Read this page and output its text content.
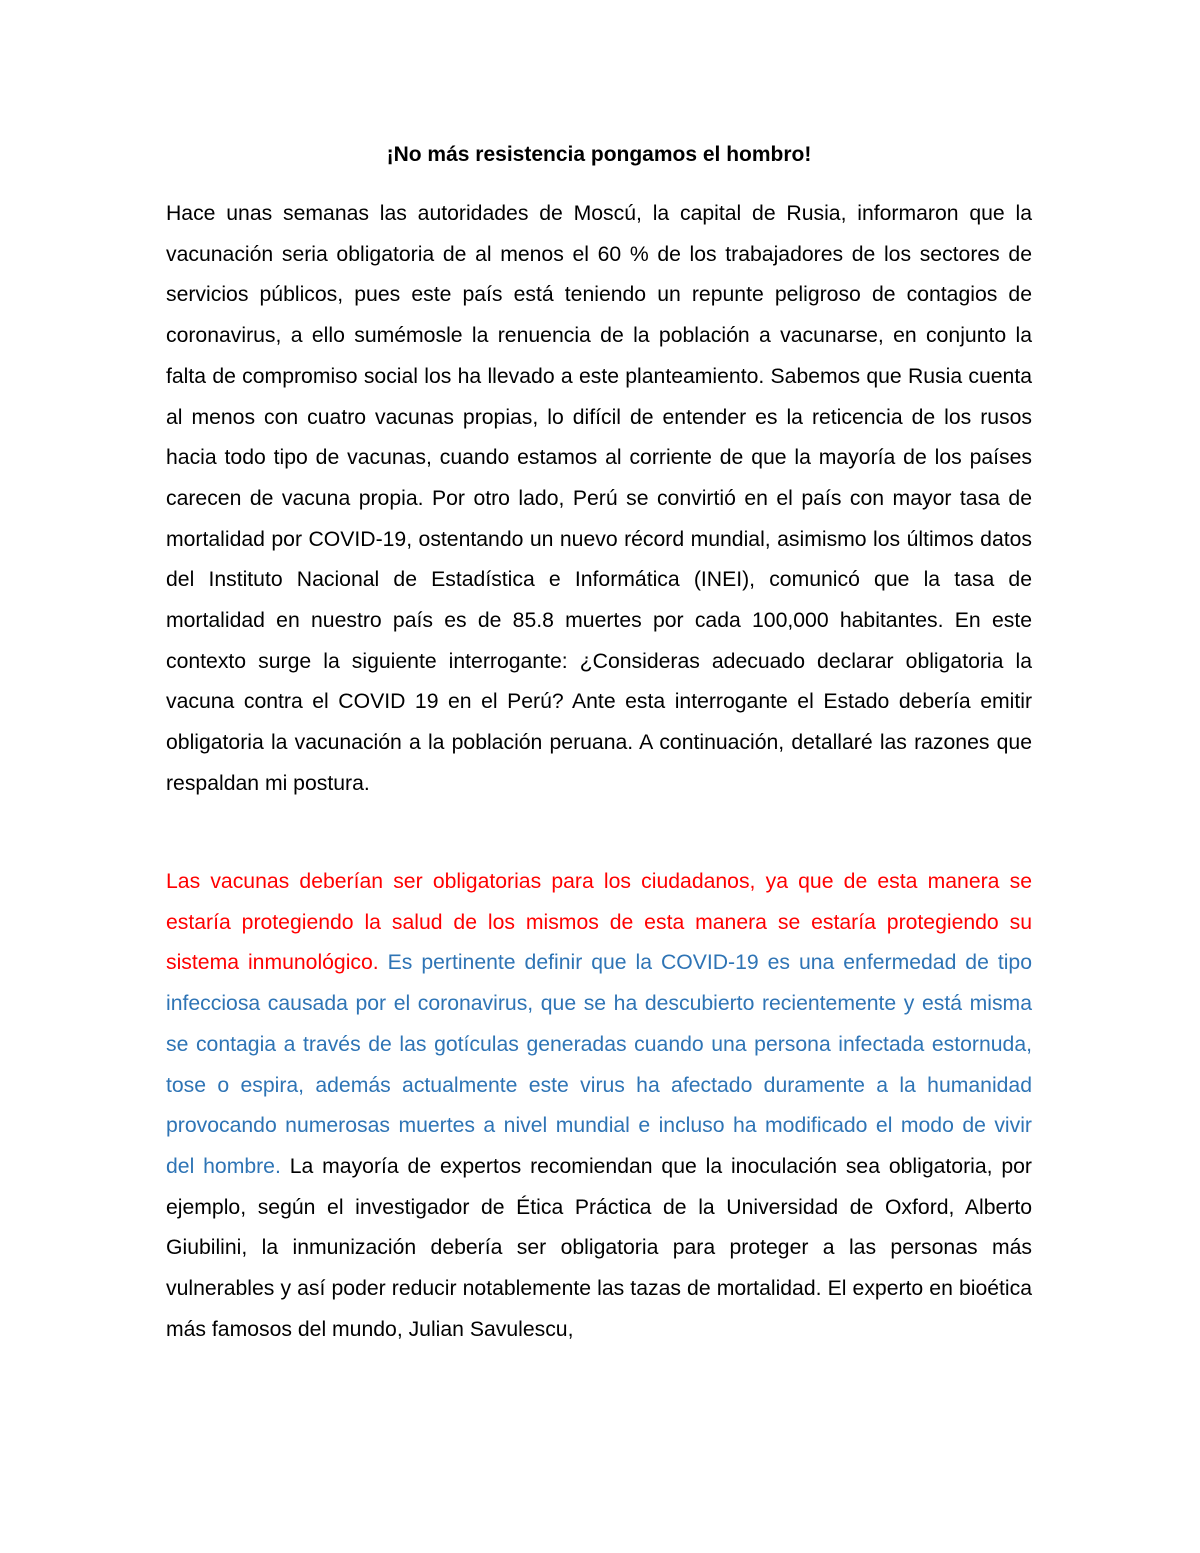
¡No más resistencia pongamos el hombro!

Hace unas semanas las autoridades de Moscú, la capital de Rusia, informaron que la vacunación seria obligatoria de al menos el 60 % de los trabajadores de los sectores de servicios públicos, pues este país está teniendo un repunte peligroso de contagios de coronavirus, a ello sumémosle la renuencia de la población a vacunarse, en conjunto la falta de compromiso social los ha llevado a este planteamiento. Sabemos que Rusia cuenta al menos con cuatro vacunas propias, lo difícil de entender es la reticencia de los rusos hacia todo tipo de vacunas, cuando estamos al corriente de que la mayoría de los países carecen de vacuna propia. Por otro lado, Perú se convirtió en el país con mayor tasa de mortalidad por COVID-19, ostentando un nuevo récord mundial, asimismo los últimos datos del Instituto Nacional de Estadística e Informática (INEI), comunicó que la tasa de mortalidad en nuestro país es de 85.8 muertes por cada 100,000 habitantes. En este contexto surge la siguiente interrogante: ¿Consideras adecuado declarar obligatoria la vacuna contra el COVID 19 en el Perú? Ante esta interrogante el Estado debería emitir obligatoria la vacunación a la población peruana. A continuación, detallaré las razones que respaldan mi postura.

Las vacunas deberían ser obligatorias para los ciudadanos, ya que de esta manera se estaría protegiendo la salud de los mismos de esta manera se estaría protegiendo su sistema inmunológico. Es pertinente definir que la COVID-19 es una enfermedad de tipo infecciosa causada por el coronavirus, que se ha descubierto recientemente y está misma se contagia a través de las gotículas generadas cuando una persona infectada estornuda, tose o espira, además actualmente este virus ha afectado duramente a la humanidad provocando numerosas muertes a nivel mundial e incluso ha modificado el modo de vivir del hombre. La mayoría de expertos recomiendan que la inoculación sea obligatoria, por ejemplo, según el investigador de Ética Práctica de la Universidad de Oxford, Alberto Giubilini, la inmunización debería ser obligatoria para proteger a las personas más vulnerables y así poder reducir notablemente las tazas de mortalidad. El experto en bioética más famosos del mundo, Julian Savulescu,
